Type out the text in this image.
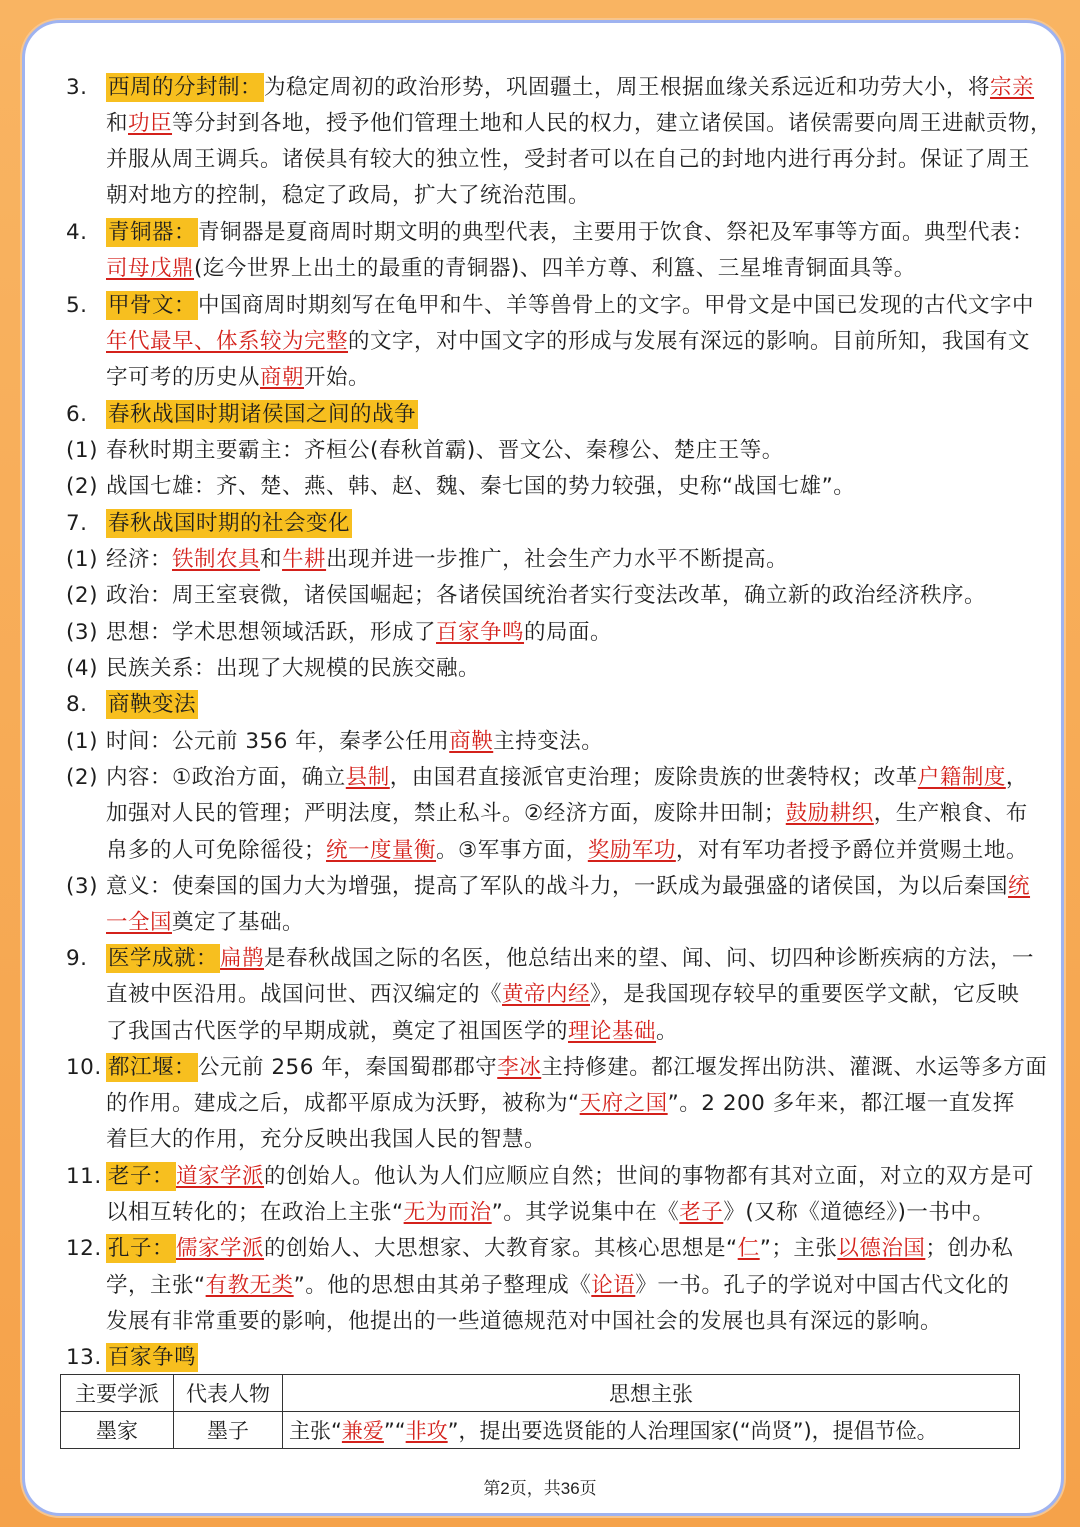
3. 西周的分封制：为稳定周初的政治形势，巩固疆土，周王根据血缘关系远近和功劳大小，将宗亲
和功臣等分封到各地，授予他们管理土地和人民的权力，建立诸侯国。诸侯需要向周王进献贡物，
并服从周王调兵。诸侯具有较大的独立性，受封者可以在自己的封地内进行再分封。保证了周王
朝对地方的控制，稳定了政局，扩大了统治范围。
4. 青铜器：青铜器是夏商周时期文明的典型代表，主要用于饮食、祭祀及军事等方面。典型代表：
司母戊鼎(迄今世界上出土的最重的青铜器)、四羊方尊、利簋、三星堆青铜面具等。
5. 甲骨文：中国商周时期刻写在龟甲和牛、羊等兽骨上的文字。甲骨文是中国已发现的古代文字中
年代最早、体系较为完整的文字，对中国文字的形成与发展有深远的影响。目前所知，我国有文
字可考的历史从商朝开始。
6. 春秋战国时期诸侯国之间的战争
(1) 春秋时期主要霸主：齐桓公(春秋首霸)、晋文公、秦穆公、楚庄王等。
(2) 战国七雄：齐、楚、燕、韩、赵、魏、秦七国的势力较强，史称“战国七雄”。
7. 春秋战国时期的社会变化
(1) 经济：铁制农具和牛耕出现并进一步推广，社会生产力水平不断提高。
(2) 政治：周王室衰微，诸侯国崛起；各诸侯国统治者实行变法改革，确立新的政治经济秩序。
(3) 思想：学术思想领域活跃，形成了百家争鸣的局面。
(4) 民族关系：出现了大规模的民族交融。
8. 商鞅变法
(1) 时间：公元前 356 年，秦孝公任用商鞅主持变法。
(2) 内容：①政治方面，确立县制，由国君直接派官吏治理；废除贵族的世袭特权；改革户籍制度，
加强对人民的管理；严明法度，禁止私斗。②经济方面，废除井田制；鼓励耕织，生产粮食、布
帛多的人可免除徭役；统一度量衡。③军事方面，奖励军功，对有军功者授予爵位并赏赐土地。
(3) 意义：使秦国的国力大为增强，提高了军队的战斗力，一跃成为最强盛的诸侯国，为以后秦国统
一全国奠定了基础。
9. 医学成就：扁鹊是春秋战国之际的名医，他总结出来的望、闻、问、切四种诊断疾病的方法，一
直被中医沿用。战国问世、西汉编定的《黄帝内经》，是我国现存较早的重要医学文献，它反映
了我国古代医学的早期成就，奠定了祖国医学的理论基础。
10. 都江堰：公元前 256 年，秦国蜀郡郡守李冰主持修建。都江堰发挥出防洪、灌溉、水运等多方面
的作用。建成之后，成都平原成为沃野，被称为“天府之国”。2 200 多年来，都江堰一直发挥
着巨大的作用，充分反映出我国人民的智慧。
11. 老子：道家学派的创始人。他认为人们应顺应自然；世间的事物都有其对立面，对立的双方是可
以相互转化的；在政治上主张“无为而治”。其学说集中在《老子》(又称《道德经》)一书中。
12. 孔子：儒家学派的创始人、大思想家、大教育家。其核心思想是“仁”；主张以德治国；创办私
学，主张“有教无类”。他的思想由其弟子整理成《论语》一书。孔子的学说对中国古代文化的
发展有非常重要的影响，他提出的一些道德规范对中国社会的发展也具有深远的影响。
13. 百家争鸣
主要学派	代表人物	思想主张
墨家	墨子	主张“兼爱”“非攻”，提出要选贤能的人治理国家(“尚贤”)，提倡节俭。
第2页，共36页
